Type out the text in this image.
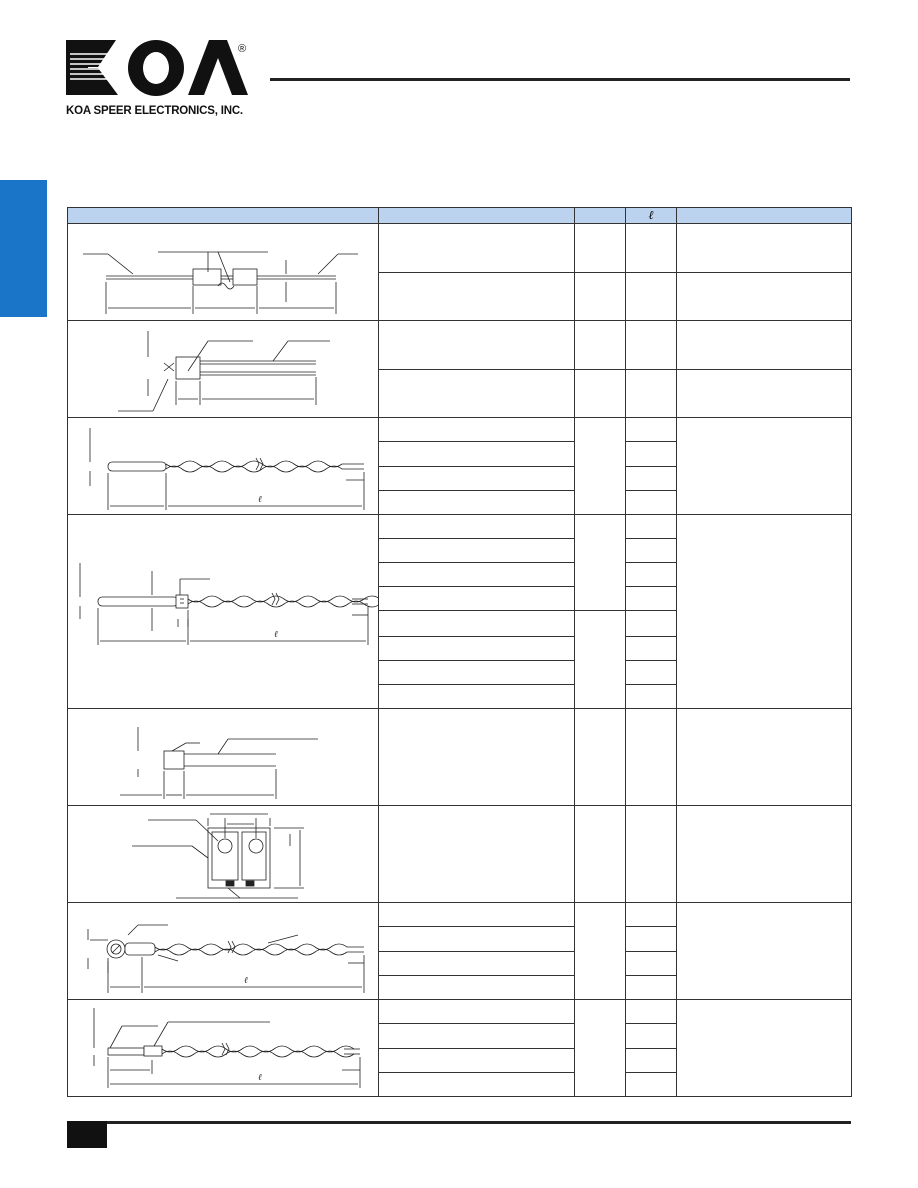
®
KOA SPEER ELECTRONICS, INC.
			ℓ	

ℓ				

ℓ				

ℓ				

ℓ				
